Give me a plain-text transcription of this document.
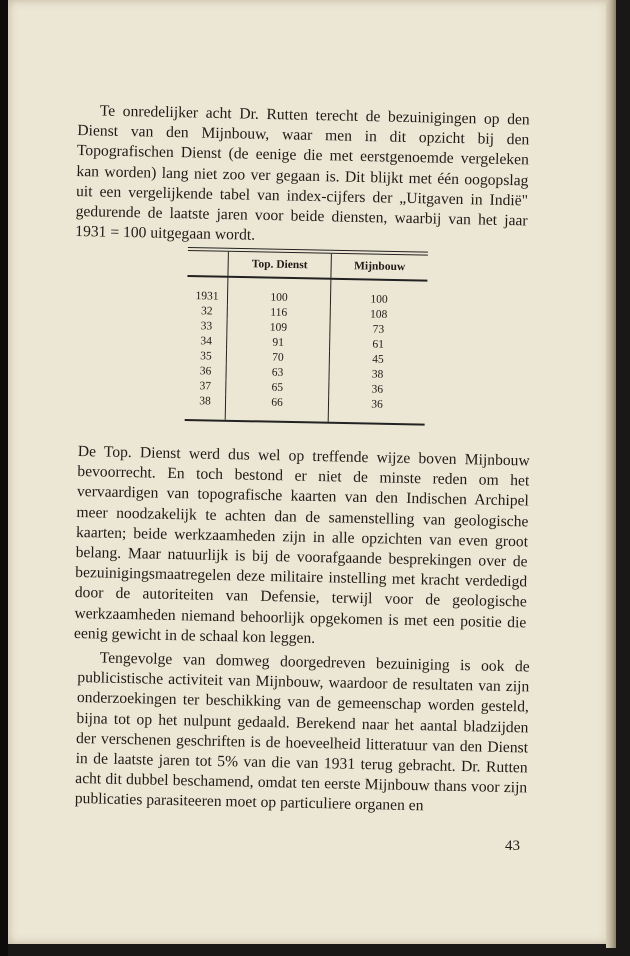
Te onredelijker acht Dr. Rutten terecht de bezuinigingen op den Dienst van den Mijnbouw, waar men in dit opzicht bij den Topografischen Dienst (de eenige die met eerstgenoemde vergeleken kan worden) lang niet zoo ver gegaan is. Dit blijkt met één oogopslag uit een vergelijkende tabel van index-cijfers der „Uitgaven in Indië" gedurende de laatste jaren voor beide diensten, waarbij van het jaar 1931 = 100 uitgegaan wordt.

	Top. Dienst	Mijnbouw
1931	100	100
32	116	108
33	109	73
34	91	61
35	70	45
36	63	38
37	65	36
38	66	36

De Top. Dienst werd dus wel op treffende wijze boven Mijnbouw bevoorrecht. En toch bestond er niet de minste reden om het vervaardigen van topografische kaarten van den Indischen Archipel meer noodzakelijk te achten dan de samenstelling van geologische kaarten; beide werkzaamheden zijn in alle opzichten van even groot belang. Maar natuurlijk is bij de voorafgaande besprekingen over de bezuinigingsmaatregelen deze militaire instelling met kracht verdedigd door de autoriteiten van Defensie, terwijl voor de geologische werkzaamheden niemand behoorlijk opgekomen is met een positie die eenig gewicht in de schaal kon leggen.

Tengevolge van domweg doorgedreven bezuiniging is ook de publicistische activiteit van Mijnbouw, waardoor de resultaten van zijn onderzoekingen ter beschikking van de gemeenschap worden gesteld, bijna tot op het nulpunt gedaald. Berekend naar het aantal bladzijden der verschenen geschriften is de hoeveelheid litteratuur van den Dienst in de laatste jaren tot 5% van die van 1931 terug gebracht. Dr. Rutten acht dit dubbel beschamend, omdat ten eerste Mijnbouw thans voor zijn publicaties parasiteeren moet op particuliere organen en

43
